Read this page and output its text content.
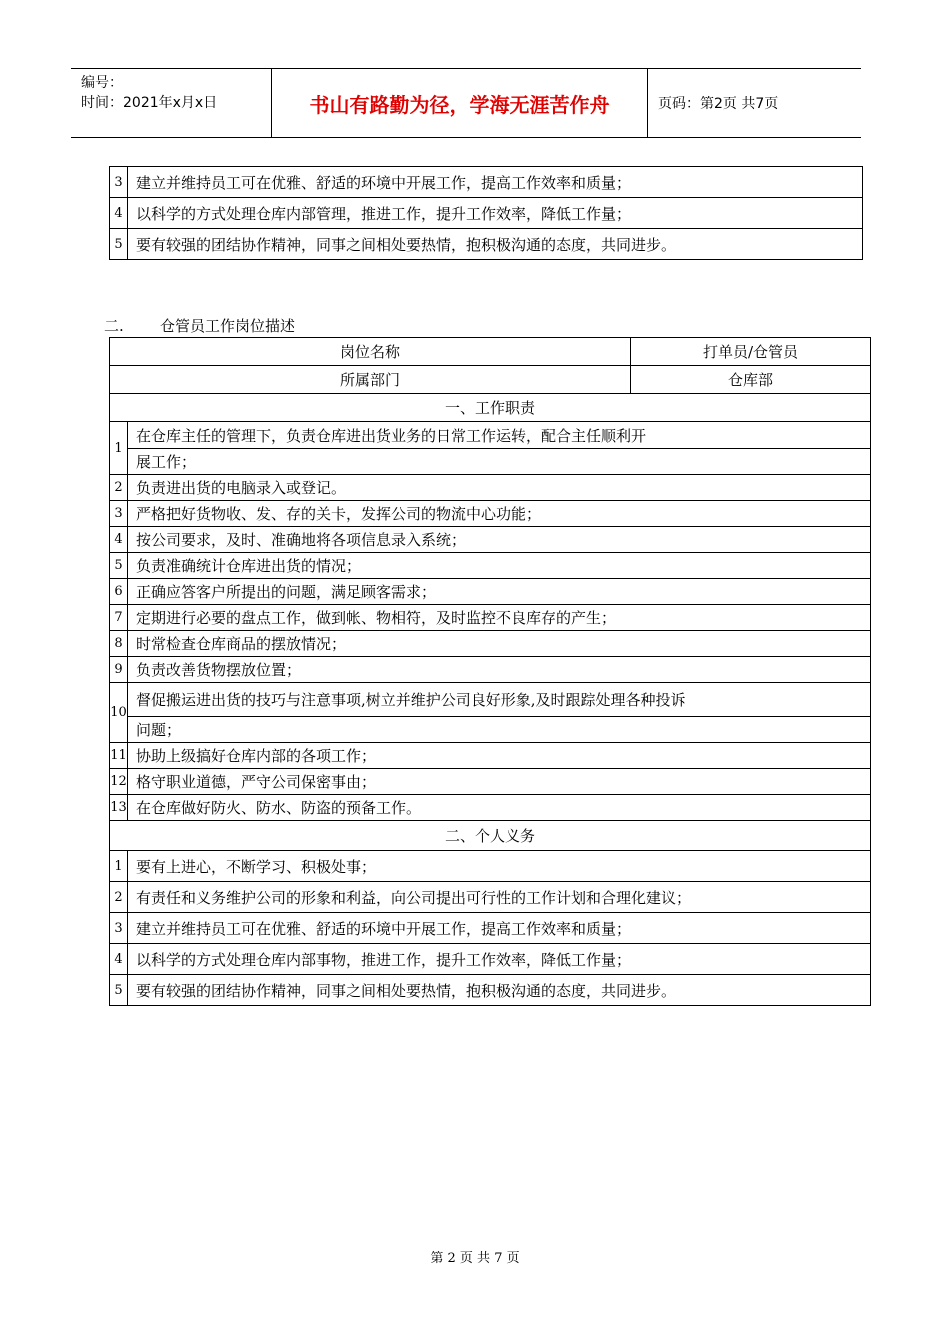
编号：
时间：2021年x月x日	书山有路勤为径，学海无涯苦作舟	页码：第2页 共7页
3	建立并维持员工可在优雅、舒适的环境中开展工作，提高工作效率和质量；
4	以科学的方式处理仓库内部管理，推进工作，提升工作效率，降低工作量；
5	要有较强的团结协作精神，同事之间相处要热情，抱积极沟通的态度，共同进步。
二. 仓管员工作岗位描述
岗位名称		打单员/仓管员
所属部门		仓库部
一、工作职责		
1	在仓库主任的管理下，负责仓库进出货业务的日常工作运转，配合主任顺利开	
	展工作；	
2	负责进出货的电脑录入或登记。	
3	严格把好货物收、发、存的关卡，发挥公司的物流中心功能；	
4	按公司要求，及时、准确地将各项信息录入系统；	
5	负责准确统计仓库进出货的情况；	
6	正确应答客户所提出的问题，满足顾客需求；	
7	定期进行必要的盘点工作，做到帐、物相符，及时监控不良库存的产生；	
8	时常检查仓库商品的摆放情况；	
9	负责改善货物摆放位置；	
10	督促搬运进出货的技巧与注意事项,树立并维护公司良好形象,及时跟踪处理各种投诉	
	问题；	
11	协助上级搞好仓库内部的各项工作；	
12	格守职业道德，严守公司保密事由；	
13	在仓库做好防火、防水、防盗的预备工作。	
二、个人义务		
1	要有上进心，不断学习、积极处事；	
2	有责任和义务维护公司的形象和利益，向公司提出可行性的工作计划和合理化建议；	
3	建立并维持员工可在优雅、舒适的环境中开展工作，提高工作效率和质量；	
4	以科学的方式处理仓库内部事物，推进工作，提升工作效率，降低工作量；	
5	要有较强的团结协作精神，同事之间相处要热情，抱积极沟通的态度，共同进步。	
第 2 页 共 7 页
